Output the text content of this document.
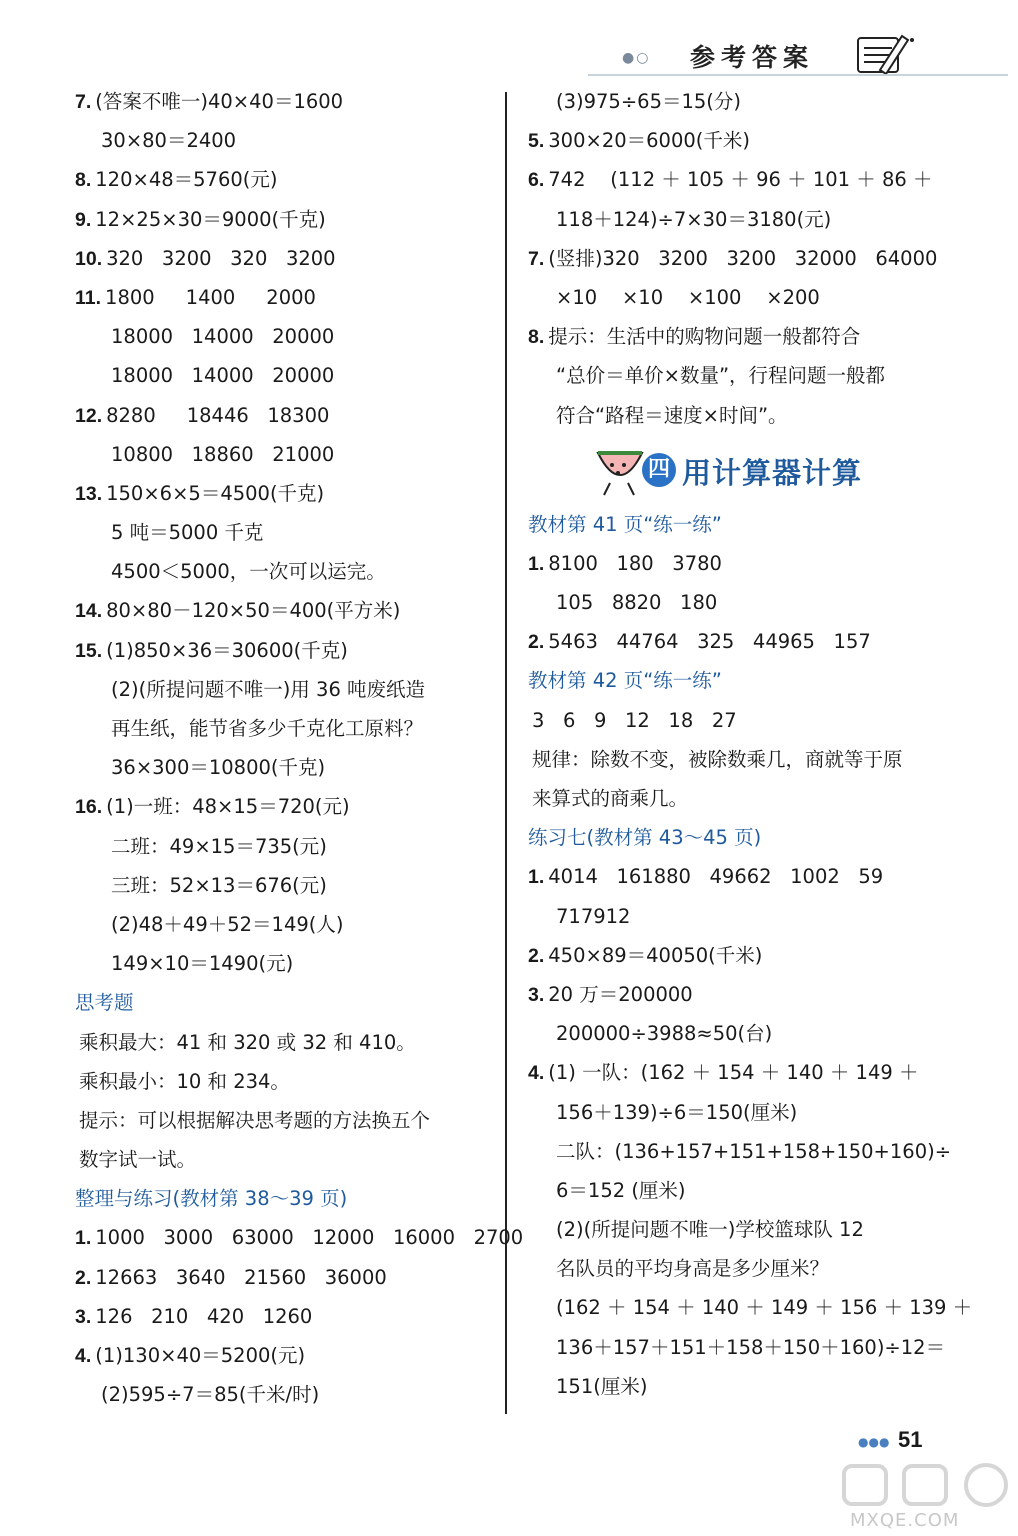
●○ 参考答案
7. (答案不唯一)40×40＝1600
30×80＝2400
8. 120×48＝5760(元)
9. 12×25×30＝9000(千克)
10. 320   3200   320   3200
11. 1800     1400     2000
18000   14000   20000
18000   14000   20000
12. 8280     18446   18300
10800   18860   21000
13. 150×6×5＝4500(千克)
5 吨＝5000 千克
4500＜5000，一次可以运完。
14. 80×80－120×50＝400(平方米)
15. (1)850×36＝30600(千克)
(2)(所提问题不唯一)用 36 吨废纸造
再生纸，能节省多少千克化工原料？
36×300＝10800(千克)
16. (1)一班：48×15＝720(元)
二班：49×15＝735(元)
三班：52×13＝676(元)
(2)48＋49＋52＝149(人)
149×10＝1490(元)
思考题
乘积最大：41 和 320 或 32 和 410。
乘积最小：10 和 234。
提示：可以根据解决思考题的方法换五个
数字试一试。
整理与练习(教材第 38～39 页)
1. 1000   3000   63000   12000   16000   2700
2. 12663   3640   21560   36000
3. 126   210   420   1260
4. (1)130×40＝5200(元)
(2)595÷7＝85(千米/时)
(3)975÷65＝15(分)
5. 300×20＝6000(千米)
6. 742    (112 ＋ 105 ＋ 96 ＋ 101 ＋ 86 ＋
118＋124)÷7×30＝3180(元)
7. (竖排)320   3200   3200   32000   64000
×10    ×10    ×100    ×200
8. 提示：生活中的购物问题一般都符合
“总价＝单价×数量”，行程问题一般都
符合“路程＝速度×时间”。
四 用计算器计算
教材第 41 页“练一练”
1. 8100   180   3780
105   8820   180
2. 5463   44764   325   44965   157
教材第 42 页“练一练”
3   6   9   12   18   27
规律：除数不变，被除数乘几，商就等于原
来算式的商乘几。
练习七(教材第 43～45 页)
1. 4014   161880   49662   1002   59
717912
2. 450×89＝40050(千米)
3. 20 万＝200000
200000÷3988≈50(台)
4. (1) 一队：(162 ＋ 154 ＋ 140 ＋ 149 ＋
156＋139)÷6＝150(厘米)
二队：(136+157+151+158+150+160)÷
6＝152 (厘米)
(2)(所提问题不唯一)学校篮球队 12
名队员的平均身高是多少厘米？
(162 ＋ 154 ＋ 140 ＋ 149 ＋ 156 ＋ 139 ＋
136＋157＋151＋158＋150＋160)÷12＝
151(厘米)
●●● 51
MXQE.COM
